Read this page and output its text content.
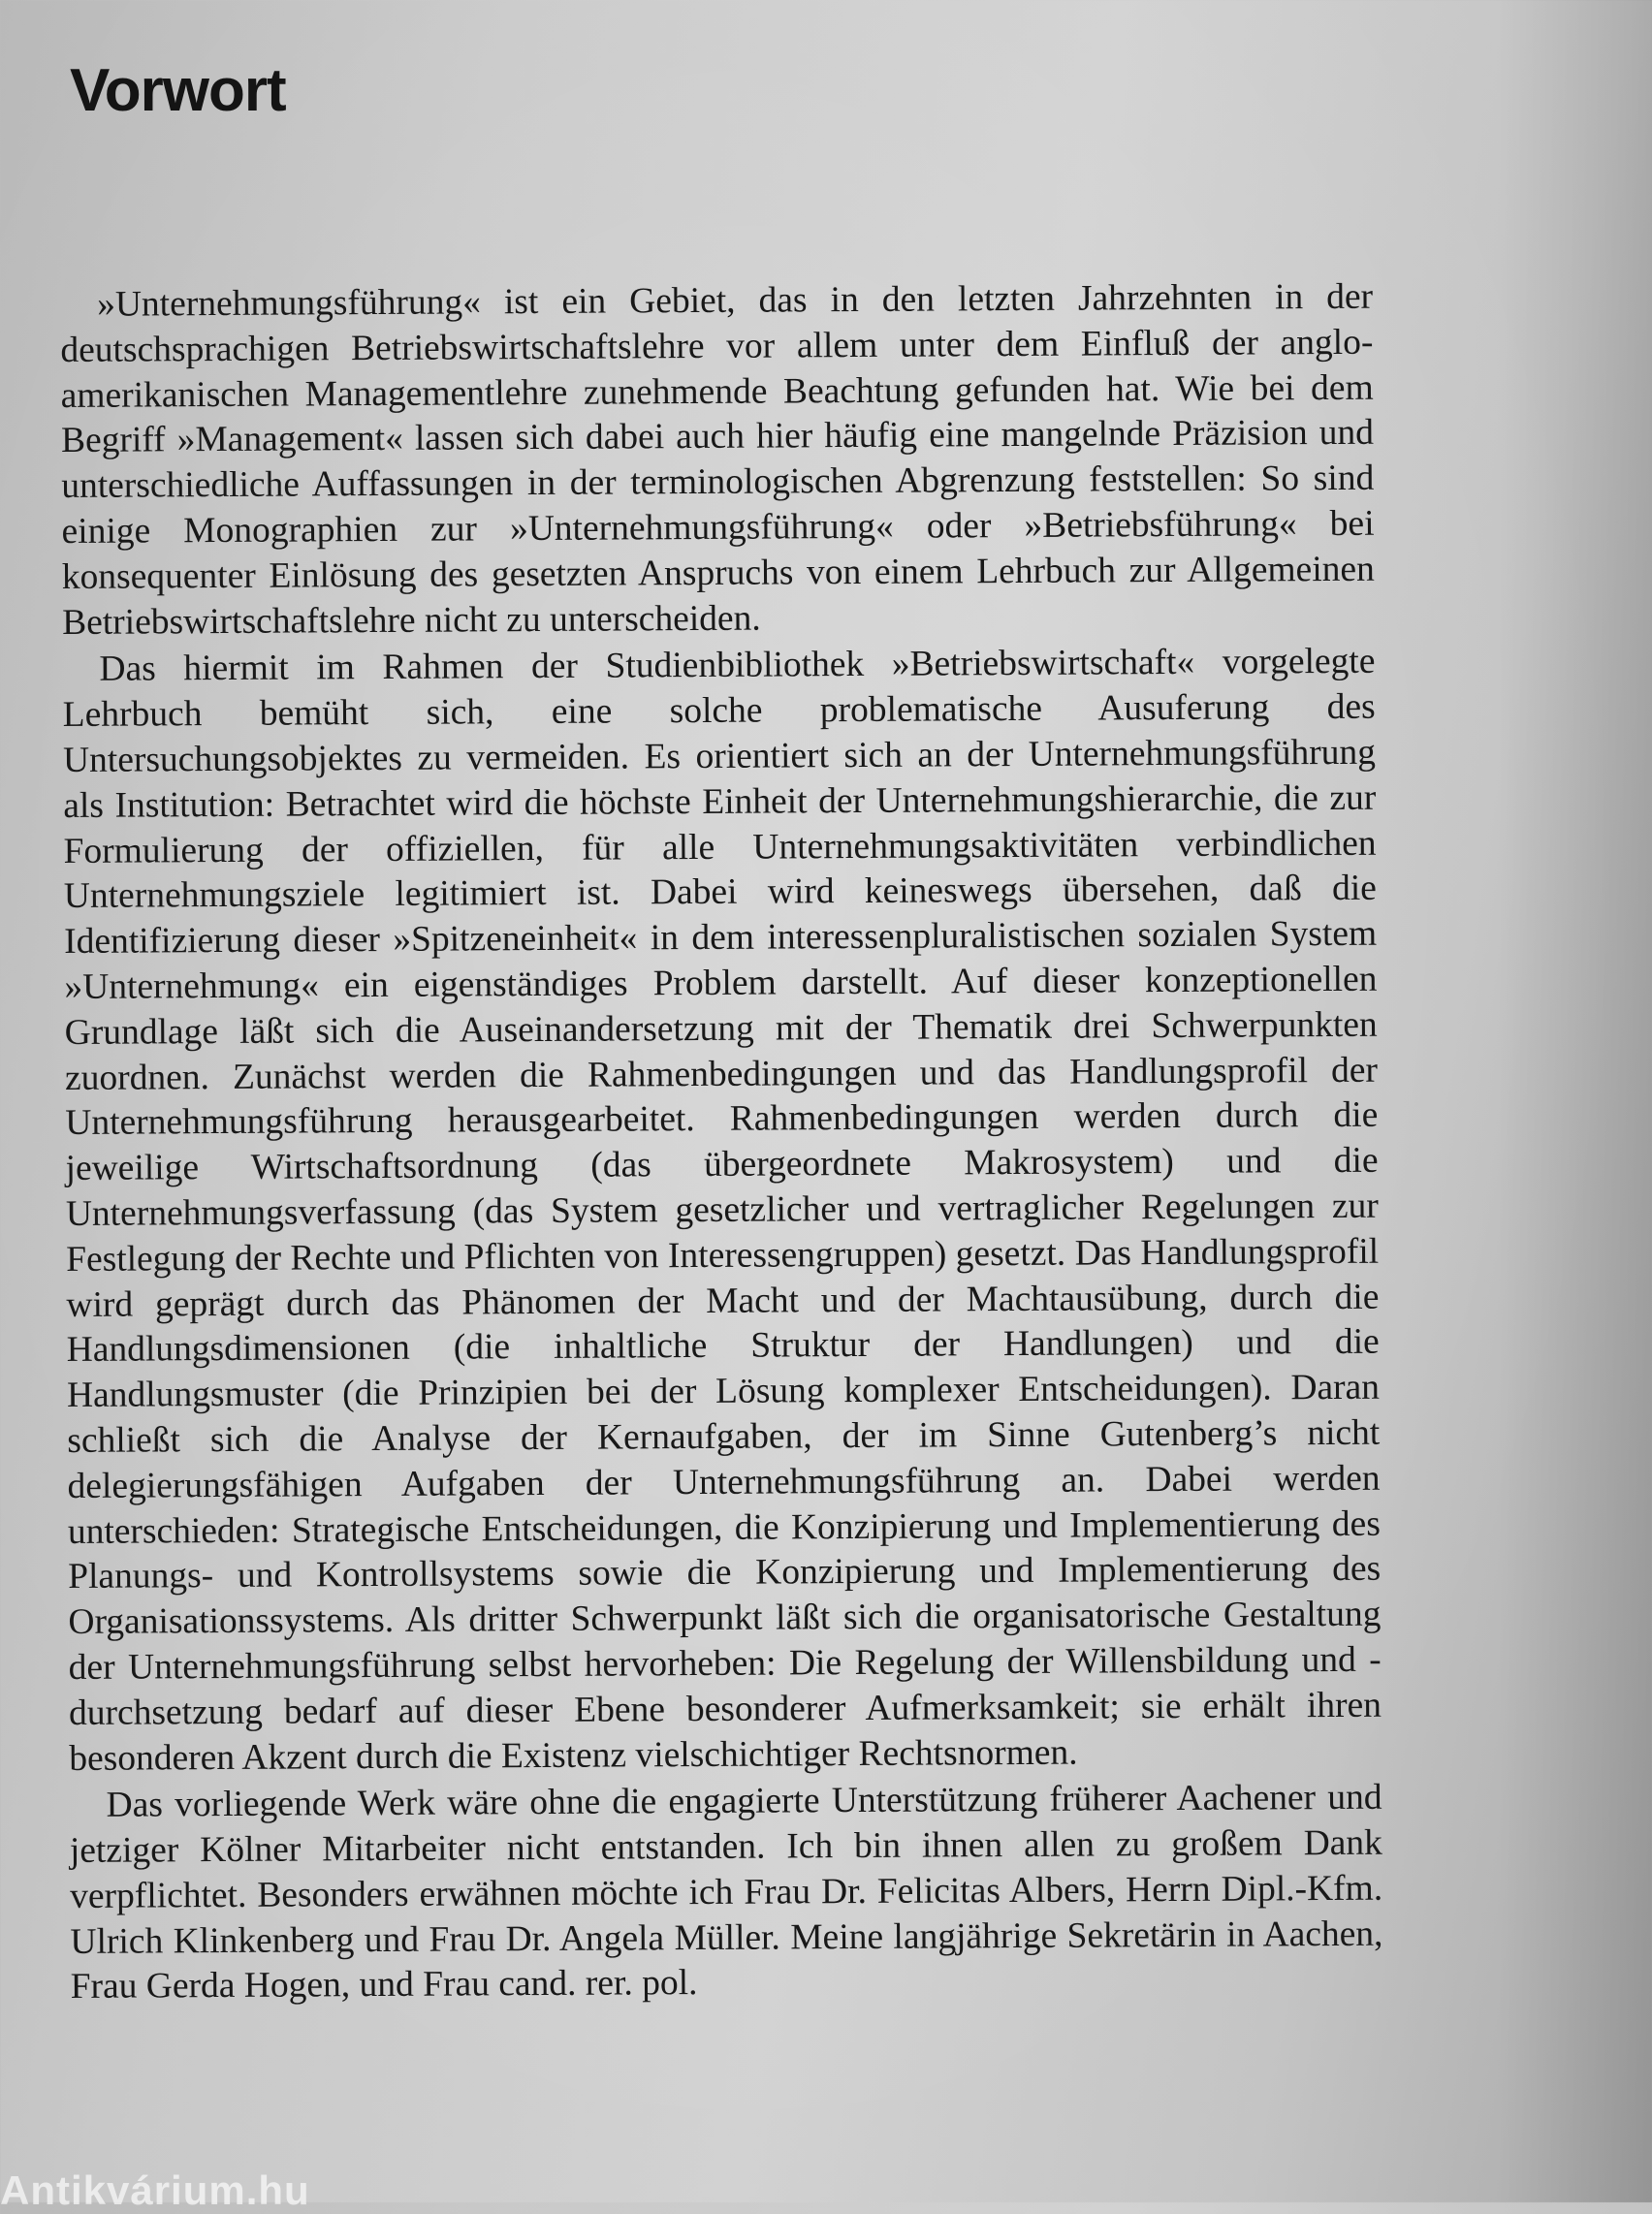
Vorwort

»Unternehmungsführung« ist ein Gebiet, das in den letzten Jahrzehnten in der deutschsprachigen Betriebswirtschaftslehre vor allem unter dem Einfluß der anglo-amerikanischen Managementlehre zunehmende Beachtung gefunden hat. Wie bei dem Begriff »Management« lassen sich dabei auch hier häufig eine mangelnde Präzision und unterschiedliche Auffassungen in der terminologischen Abgrenzung feststellen: So sind einige Monographien zur »Unternehmungsführung« oder »Betriebsführung« bei konsequenter Einlösung des gesetzten Anspruchs von einem Lehrbuch zur Allgemeinen Betriebswirtschaftslehre nicht zu unterscheiden.

Das hiermit im Rahmen der Studienbibliothek »Betriebswirtschaft« vorgelegte Lehrbuch bemüht sich, eine solche problematische Ausuferung des Untersuchungsobjektes zu vermeiden. Es orientiert sich an der Unternehmungsführung als Institution: Betrachtet wird die höchste Einheit der Unternehmungshierarchie, die zur Formulierung der offiziellen, für alle Unternehmungsaktivitäten verbindlichen Unternehmungsziele legitimiert ist. Dabei wird keineswegs übersehen, daß die Identifizierung dieser »Spitzeneinheit« in dem interessenpluralistischen sozialen System »Unternehmung« ein eigenständiges Problem darstellt. Auf dieser konzeptionellen Grundlage läßt sich die Auseinandersetzung mit der Thematik drei Schwerpunkten zuordnen. Zunächst werden die Rahmenbedingungen und das Handlungsprofil der Unternehmungsführung herausgearbeitet. Rahmenbedingungen werden durch die jeweilige Wirtschaftsordnung (das übergeordnete Makrosystem) und die Unternehmungsverfassung (das System gesetzlicher und vertraglicher Regelungen zur Festlegung der Rechte und Pflichten von Interessengruppen) gesetzt. Das Handlungsprofil wird geprägt durch das Phänomen der Macht und der Machtausübung, durch die Handlungsdimensionen (die inhaltliche Struktur der Handlungen) und die Handlungsmuster (die Prinzipien bei der Lösung komplexer Entscheidungen). Daran schließt sich die Analyse der Kernaufgaben, der im Sinne Gutenberg’s nicht delegierungsfähigen Aufgaben der Unternehmungsführung an. Dabei werden unterschieden: Strategische Entscheidungen, die Konzipierung und Implementierung des Planungs- und Kontrollsystems sowie die Konzipierung und Implementierung des Organisationssystems. Als dritter Schwerpunkt läßt sich die organisatorische Gestaltung der Unternehmungsführung selbst hervorheben: Die Regelung der Willensbildung und -durchsetzung bedarf auf dieser Ebene besonderer Aufmerksamkeit; sie erhält ihren besonderen Akzent durch die Existenz vielschichtiger Rechtsnormen.

Das vorliegende Werk wäre ohne die engagierte Unterstützung früherer Aachener und jetziger Kölner Mitarbeiter nicht entstanden. Ich bin ihnen allen zu großem Dank verpflichtet. Besonders erwähnen möchte ich Frau Dr. Felicitas Albers, Herrn Dipl.-Kfm. Ulrich Klinkenberg und Frau Dr. Angela Müller. Meine langjährige Sekretärin in Aachen, Frau Gerda Hogen, und Frau cand. rer. pol.

Antikvárium.hu
